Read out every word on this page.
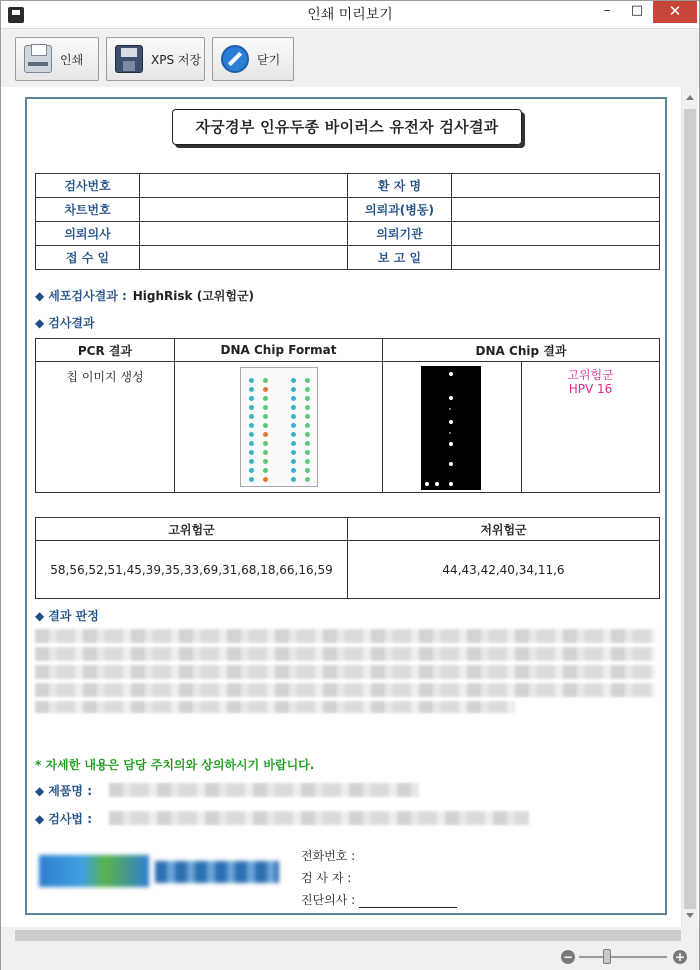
인쇄 미리보기	–	□	✕
인쇄	XPS 저장	닫기
−	+
자궁경부 인유두종 바이러스 유전자 검사결과
검사번호		환 자 명	
차트번호		의뢰과(병동)	
의뢰의사		의뢰기관	
접 수 일		보 고 일	
◆ 세포검사결과 : HighRisk (고위험군)
◆ 검사결과
PCR 결과	DNA Chip Format	DNA Chip 결과	

칩 이미지 생성			고위험군
HPV 16
고위험군	저위험군
58,56,52,51,45,39,35,33,69,31,68,18,66,16,59	44,43,42,40,34,11,6
◆ 결과 판정
* 자세한 내용은 담당 주치의와 상의하시기 바랍니다.
◆ 제품명 :
◆ 검사법 :
전화번호 :
검 사 자 :
진단의사 :
